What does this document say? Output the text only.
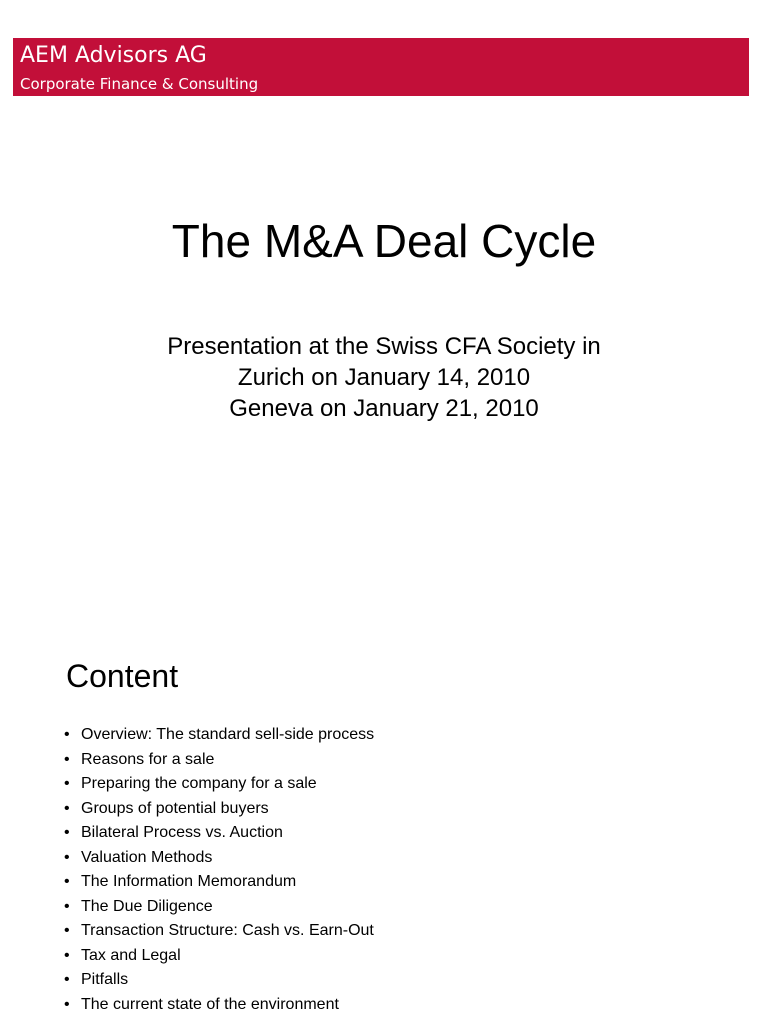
AEM Advisors AG
Corporate Finance & Consulting
The M&A Deal Cycle
Presentation at the Swiss CFA Society in
Zurich on January 14, 2010
Geneva on January 21, 2010
Content
• Overview: The standard sell-side process
• Reasons for a sale
• Preparing the company for a sale
• Groups of potential buyers
• Bilateral Process vs. Auction
• Valuation Methods
• The Information Memorandum
• The Due Diligence
• Transaction Structure: Cash vs. Earn-Out
• Tax and Legal
• Pitfalls
• The current state of the environment
